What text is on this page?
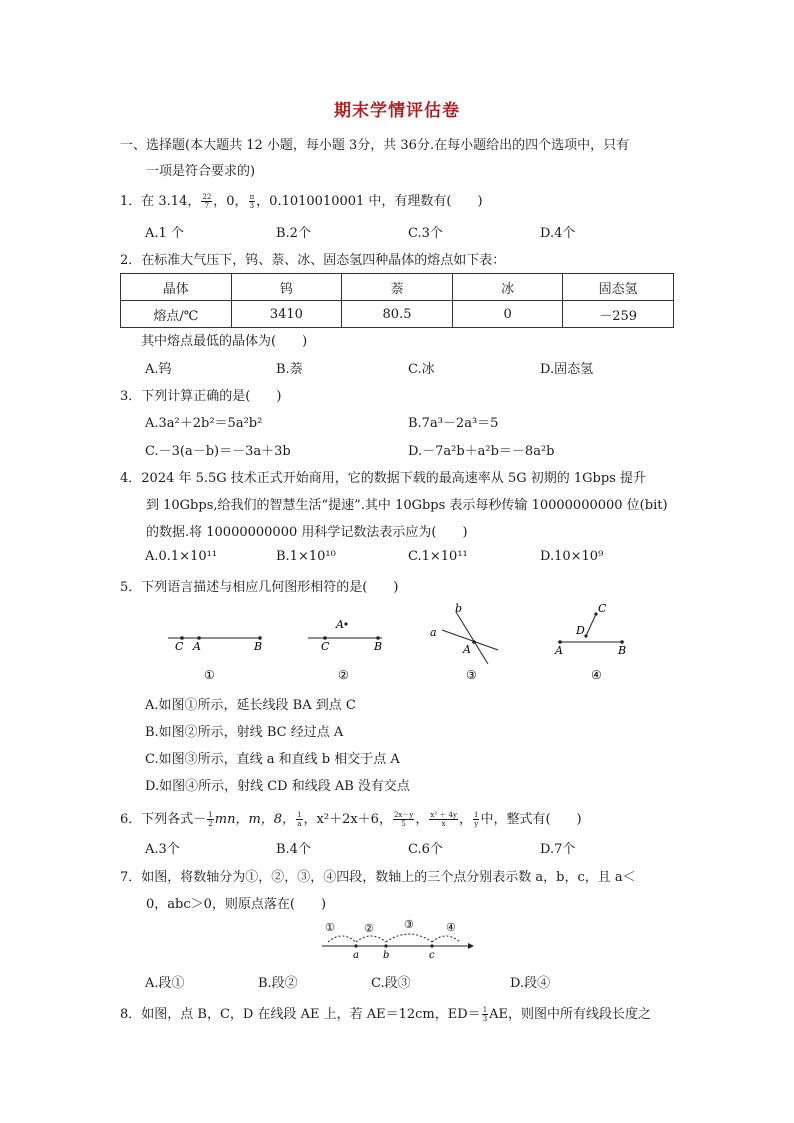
期末学情评估卷
一、选择题(本大题共 12 小题，每小题 3分，共 36分.在每小题给出的四个选项中，只有
一项是符合要求的)
1．在 3.14， $\frac{22}{7}$ ，0， $\frac{\pi}{3}$ ，0.1010010001 中，有理数有(　　)
A.1 个	B.2个	C.3个	D.4个
2．在标准大气压下，钨、萘、冰、固态氢四种晶体的熔点如下表：
晶体	钨	萘	冰	固态氢
熔点/℃	3410	80.5	0	－259
其中熔点最低的晶体为(　　)
A.钨	B.萘	C.冰	D.固态氢
3．下列计算正确的是(　　)
A.3a²＋2b²＝5a²b²	B.7a³－2a³＝5
C.－3(a－b)＝－3a＋3b	D.－7a²b＋a²b＝－8a²b
4．2024 年 5.5G 技术正式开始商用，它的数据下载的最高速率从 5G 初期的 1Gbps 提升
到 10Gbps,给我们的智慧生活“提速”.其中 10Gbps 表示每秒传输 10000000000 位(bit)
的数据.将 10000000000 用科学记数法表示应为(　　)
A.0.1×10¹¹	B.1×10¹⁰	C.1×10¹¹	D.10×10⁹
5．下列语言描述与相应几何图形相符的是(　　)
C A	B
①
A
C	B
②
b
a
A
③
C
D
A	B
④
A.如图①所示，延长线段 BA 到点 C
B.如图②所示，射线 BC 经过点 A
C.如图③所示，直线 a 和直线 b 相交于点 A
D.如图④所示，射线 CD 和线段 AB 没有交点
6．下列各式－ $\frac{1}{2}$ mn，m，8， $\frac{1}{a}$ ，x²＋2x＋6， $\frac{2x-y}{5}$ ， $\frac{\text{x² ＋ 4y}}{x}$ ， $\frac{1}{y}$ 中，整式有(　　)
A.3个	B.4个	C.6个	D.7个
7．如图，将数轴分为①，②，③，④四段，数轴上的三个点分别表示数 a，b，c，且 a＜
0，abc＞0，则原点落在(　　)
①	②	③	④
a b	c
A.段①	B.段②	C.段③	D.段④
8．如图，点 B，C，D 在线段 AE 上，若 AE＝12cm，$ED= \frac{1}{3}$ AE，则图中所有线段长度之
